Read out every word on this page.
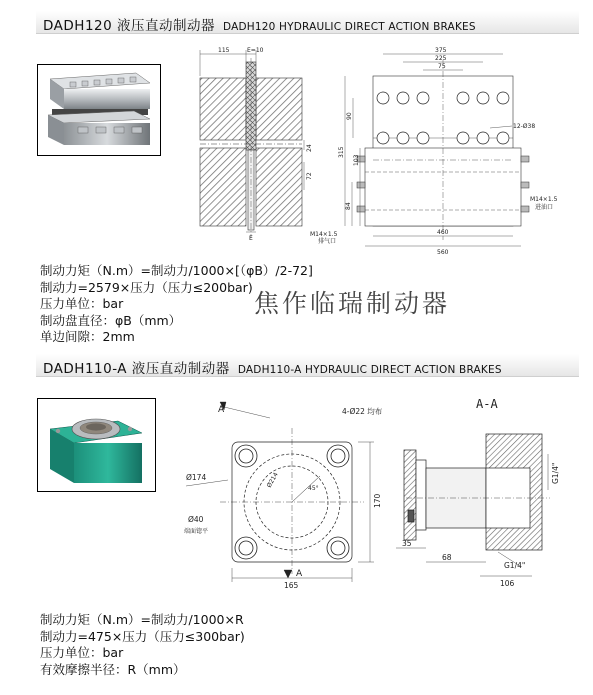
DADH120 液压直动制动器 DADH120 HYDRAULIC DIRECT ACTION BRAKES
115	E=10
E
24
72
375
225
75
90
315
103
84
12-Ø38
460
560
M14×1.5
排气口
M14×1.5
进油口
制动力矩（N.m）=制动力/1000×[（φB）/2-72]
制动力=2579×压力（压力≤200bar)
压力单位：bar
制动盘直径：φB（mm）
单边间隙：2mm
焦作临瑞制动器
DADH110-A 液压直动制动器 DADH110-A HYDRAULIC DIRECT ACTION BRAKES
A	4-Ø22 均布
Ø174	Ø214	45°
Ø40
端面锪平
A
165
170
A-A
35
68
106
G1/4"
G1/4"
制动力矩（N.m）=制动力/1000×R
制动力=475×压力（压力≤300bar)
压力单位：bar
有效摩擦半径：R（mm）
